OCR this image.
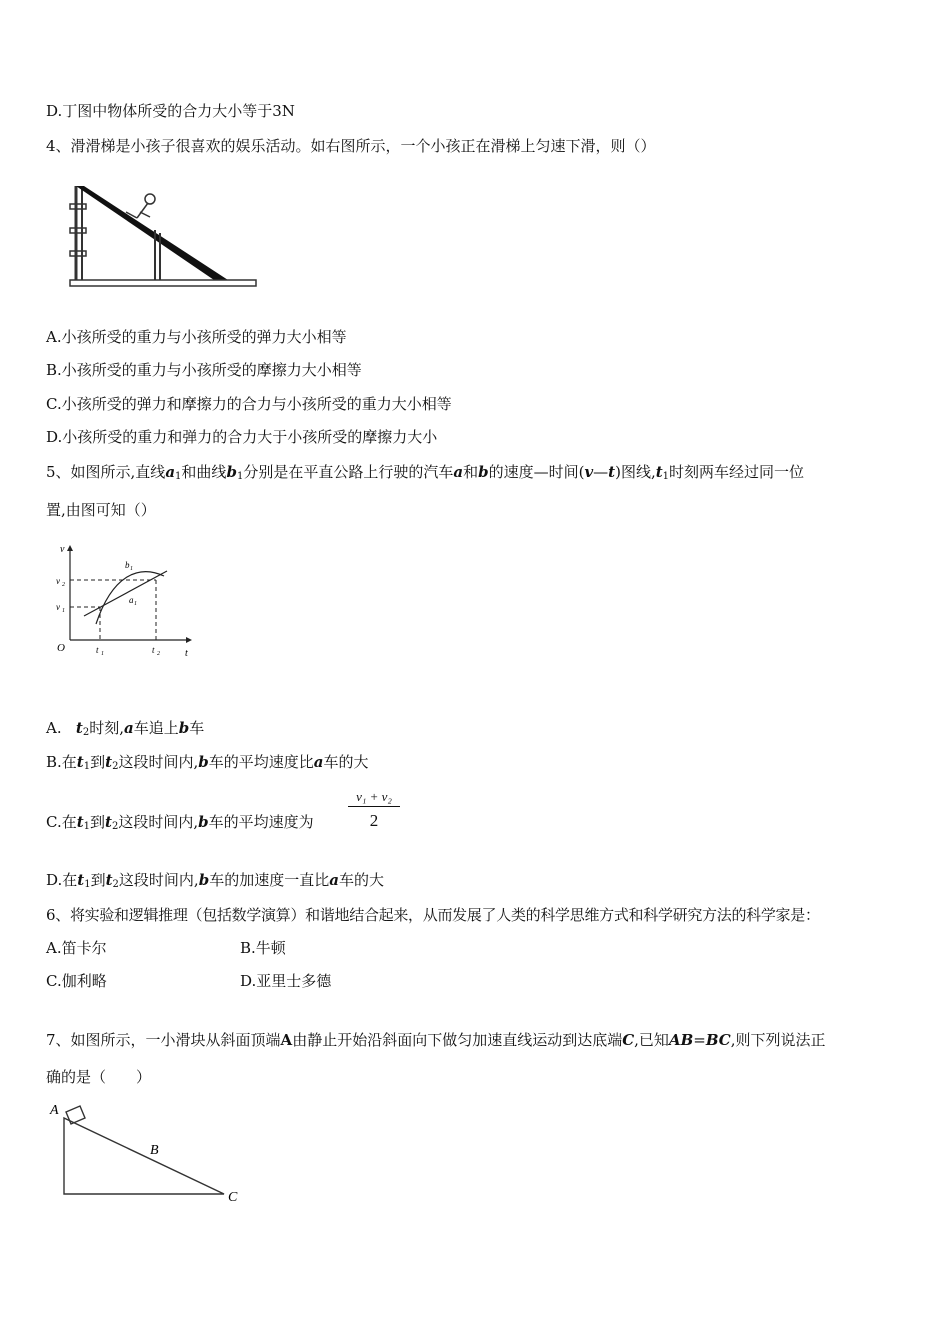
D.丁图中物体所受的合力大小等于3N
4、滑滑梯是小孩子很喜欢的娱乐活动。如右图所示，一个小孩正在滑梯上匀速下滑，则（）
A.小孩所受的重力与小孩所受的弹力大小相等
B.小孩所受的重力与小孩所受的摩擦力大小相等
C.小孩所受的弹力和摩擦力的合力与小孩所受的重力大小相等
D.小孩所受的重力和弹力的合力大于小孩所受的摩擦力大小
5、如图所示,直线$a_1$和曲线$b_1$分别是在平直公路上行驶的汽车a和b的速度—时间(v—t)图线$,t_1$时刻两车经过同一位
置,由图可知（）
v
t
O
v 2
v 1
t 1	t 2
b 1
a 1
A.   $t_2$时刻,a车追上b车
B.在$t_1$到$t_2$这段时间内,b车的平均速度比a车的大
C.在$t_1$到$t_2$这段时间内,b车的平均速度为
v₁ + v₂
2
D.在$t_1$到$t_2$这段时间内,b车的加速度一直比a车的大
6、将实验和逻辑推理（包括数学演算）和谐地结合起来，从而发展了人类的科学思维方式和科学研究方法的科学家是：
A.笛卡尔	B.牛顿
C.伽利略	D.亚里士多德
7、如图所示，一小滑块从斜面顶端A由静止开始沿斜面向下做匀加速直线运动到达底端C,已知AB=BC,则下列说法正
确的是（　　）
A
B
C
